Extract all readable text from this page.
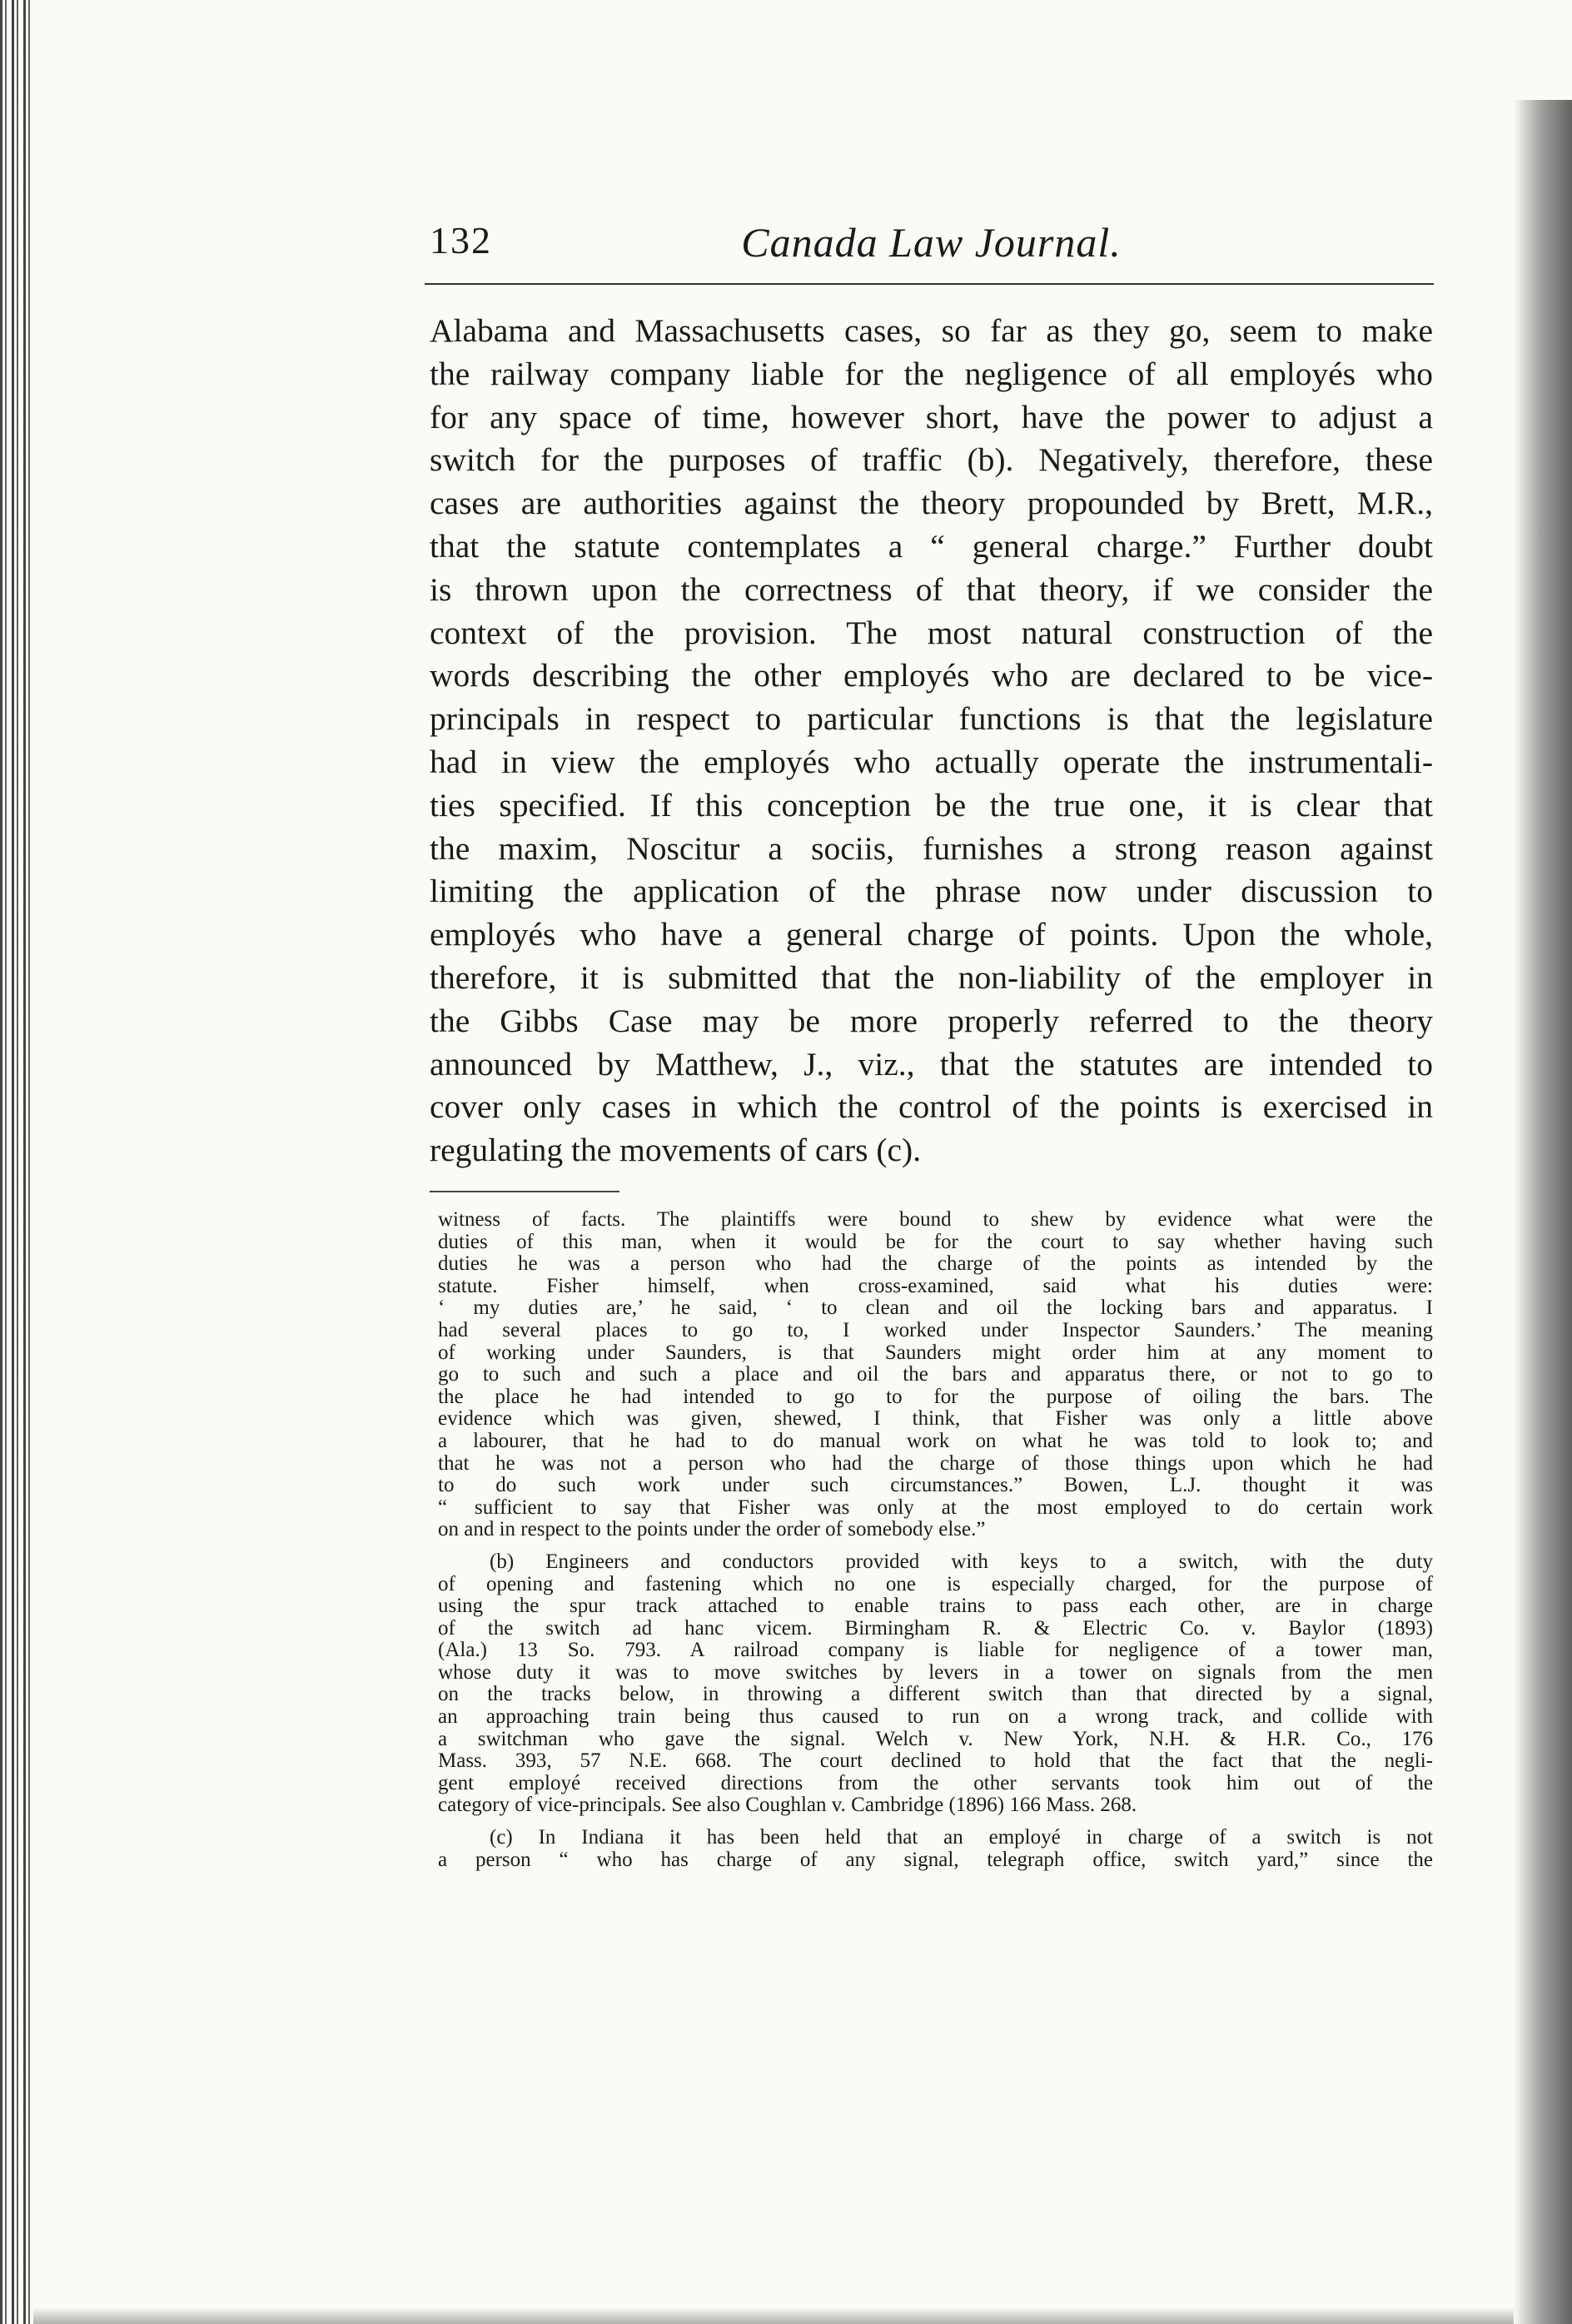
132	Canada Law Journal.
Alabama and Massachusetts cases, so far as they go, seem to make
the railway company liable for the negligence of all employés who
for any space of time, however short, have the power to adjust a
switch for the purposes of traffic (b). Negatively, therefore, these
cases are authorities against the theory propounded by Brett, M.R.,
that the statute contemplates a “ general charge.” Further doubt
is thrown upon the correctness of that theory, if we consider the
context of the provision. The most natural construction of the
words describing the other employés who are declared to be vice-
principals in respect to particular functions is that the legislature
had in view the employés who actually operate the instrumentali-
ties specified. If this conception be the true one, it is clear that
the maxim, Noscitur a sociis, furnishes a strong reason against
limiting the application of the phrase now under discussion to
employés who have a general charge of points. Upon the whole,
therefore, it is submitted that the non-liability of the employer in
the Gibbs Case may be more properly referred to the theory
announced by Matthew, J., viz., that the statutes are intended to
cover only cases in which the control of the points is exercised in
regulating the movements of cars (c).
witness of facts. The plaintiffs were bound to shew by evidence what were the
duties of this man, when it would be for the court to say whether having such
duties he was a person who had the charge of the points as intended by the
statute. Fisher himself, when cross-examined, said what his duties were:
‘ my duties are,’ he said, ‘ to clean and oil the locking bars and apparatus. I
had several places to go to, I worked under Inspector Saunders.’ The meaning
of working under Saunders, is that Saunders might order him at any moment to
go to such and such a place and oil the bars and apparatus there, or not to go to
the place he had intended to go to for the purpose of oiling the bars. The
evidence which was given, shewed, I think, that Fisher was only a little above
a labourer, that he had to do manual work on what he was told to look to; and
that he was not a person who had the charge of those things upon which he had
to do such work under such circumstances.” Bowen, L.J. thought it was
“ sufficient to say that Fisher was only at the most employed to do certain work
on and in respect to the points under the order of somebody else.”
(b) Engineers and conductors provided with keys to a switch, with the duty
of opening and fastening which no one is especially charged, for the purpose of
using the spur track attached to enable trains to pass each other, are in charge
of the switch ad hanc vicem. Birmingham R. & Electric Co. v. Baylor (1893)
(Ala.) 13 So. 793. A railroad company is liable for negligence of a tower man,
whose duty it was to move switches by levers in a tower on signals from the men
on the tracks below, in throwing a different switch than that directed by a signal,
an approaching train being thus caused to run on a wrong track, and collide with
a switchman who gave the signal. Welch v. New York, N.H. & H.R. Co., 176
Mass. 393, 57 N.E. 668. The court declined to hold that the fact that the negli-
gent employé received directions from the other servants took him out of the
category of vice-principals. See also Coughlan v. Cambridge (1896) 166 Mass. 268.
(c) In Indiana it has been held that an employé in charge of a switch is not
a person “ who has charge of any signal, telegraph office, switch yard,” since the
